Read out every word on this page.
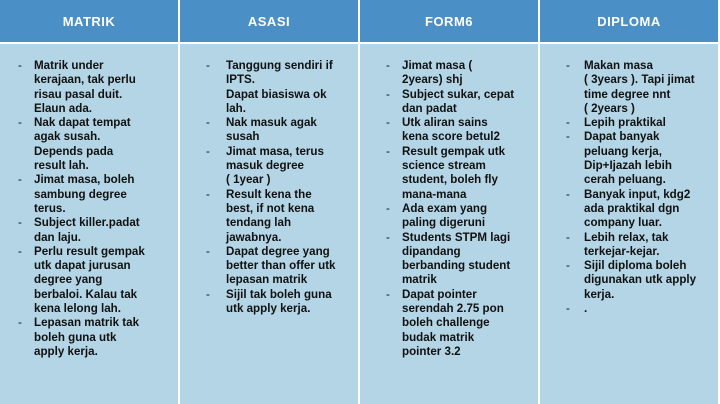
MATRIK
-	Matrik under
kerajaan, tak perlu
risau pasal duit.
Elaun ada.
-	Nak dapat tempat
agak susah.
Depends pada
result lah.
-	Jimat masa, boleh
sambung degree
terus.
-	Subject killer.padat
dan laju.
-	Perlu result gempak
utk dapat jurusan
degree yang
berbaloi. Kalau tak
kena lelong lah.
-	Lepasan matrik tak
boleh guna utk
apply kerja.
ASASI
-	Tanggung sendiri if
IPTS.
Dapat biasiswa ok
lah.
-	Nak masuk agak
susah
-	Jimat masa, terus
masuk degree
( 1year )
-	Result kena the
best, if not kena
tendang lah
jawabnya.
-	Dapat degree yang
better than offer utk
lepasan matrik
-	Sijil tak boleh guna
utk apply kerja.
FORM6
-	Jimat masa (
2years) shj
-	Subject sukar, cepat
dan padat
-	Utk aliran sains
kena score betul2
-	Result gempak utk
science stream
student, boleh fly
mana-mana
-	Ada exam yang
paling digeruni
-	Students STPM lagi
dipandang
berbanding student
matrik
-	Dapat pointer
serendah 2.75 pon
boleh challenge
budak matrik
pointer 3.2
DIPLOMA
-	Makan masa
( 3years ). Tapi jimat
time degree nnt
( 2years )
-	Lepih praktikal
-	Dapat banyak
peluang kerja,
Dip+Ijazah lebih
cerah peluang.
-	Banyak input, kdg2
ada praktikal dgn
company luar.
-	Lebih relax, tak
terkejar-kejar.
-	Sijil diploma boleh
digunakan utk apply
kerja.
-	.
